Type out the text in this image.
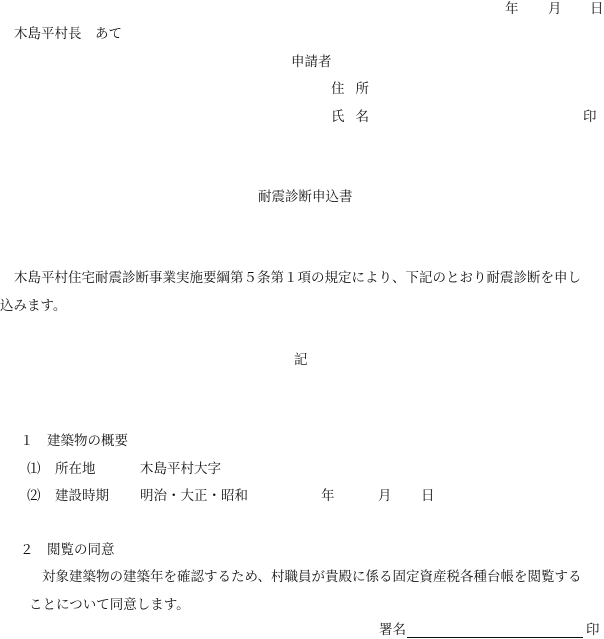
年 月 日
木島平村長　あて
申請者
住所
氏名	印
耐震診断申込書
木島平村住宅耐震診断事業実施要綱第５条第１項の規定により、下記のとおり耐震診断を申し
込みます。
記
１　建築物の概要
⑴ 所在地	木島平村大字
⑵ 建設時期 明治・大正・昭和	年	月 日
２　閲覧の同意
対象建築物の建築年を確認するため、村職員が貴殿に係る固定資産税各種台帳を閲覧する
ことについて同意します。
署名	印
